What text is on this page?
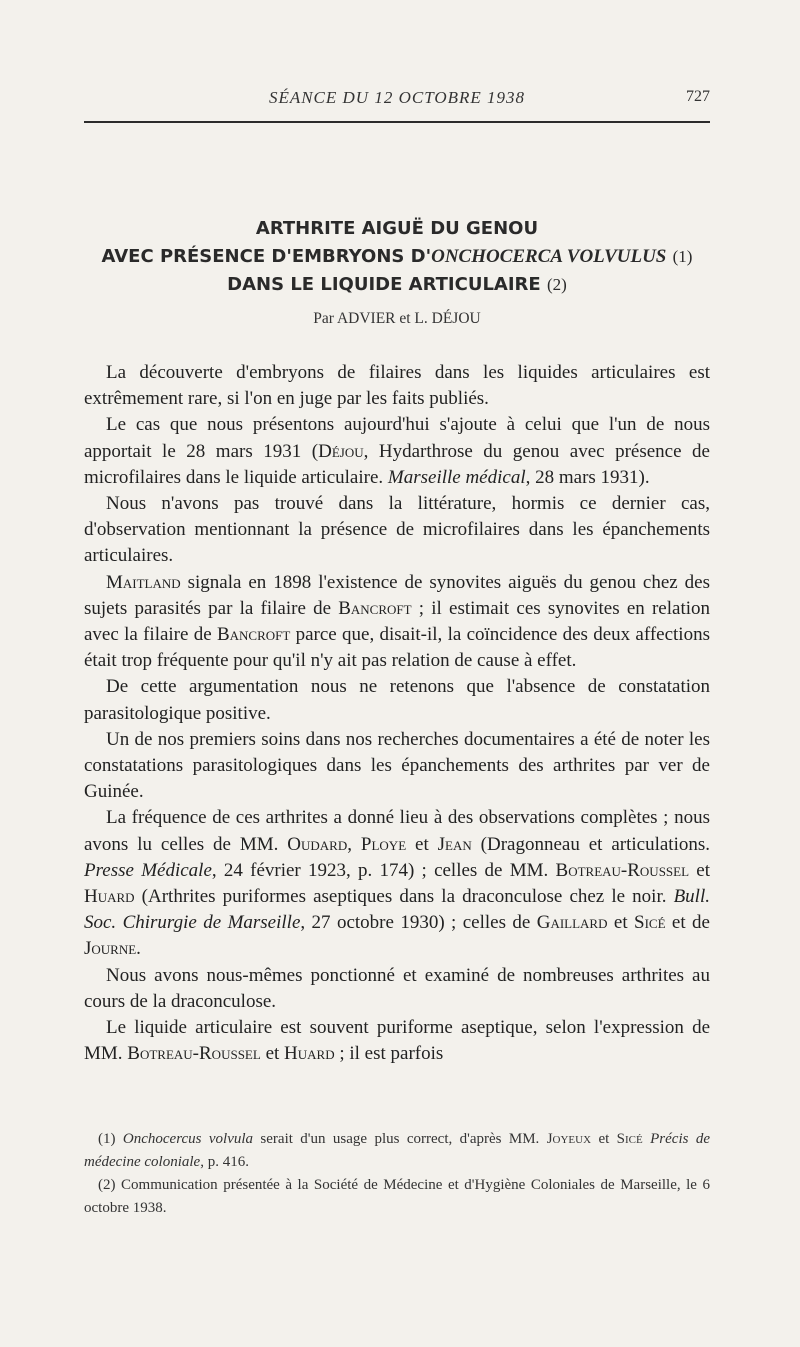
SÉANCE DU 12 OCTOBRE 1938	727
ARTHRITE AIGUË DU GENOU
AVEC PRÉSENCE D'EMBRYONS D'ONCHOCERCA VOLVULUS (1)
DANS LE LIQUIDE ARTICULAIRE (2)
Par ADVIER et L. DÉJOU

La découverte d'embryons de filaires dans les liquides articulaires est extrêmement rare, si l'on en juge par les faits publiés.

Le cas que nous présentons aujourd'hui s'ajoute à celui que l'un de nous apportait le 28 mars 1931 (Déjou, Hydarthrose du genou avec présence de microfilaires dans le liquide articulaire. Marseille médical, 28 mars 1931).

Nous n'avons pas trouvé dans la littérature, hormis ce dernier cas, d'observation mentionnant la présence de microfilaires dans les épanchements articulaires.

Maitland signala en 1898 l'existence de synovites aiguës du genou chez des sujets parasités par la filaire de Bancroft ; il estimait ces synovites en relation avec la filaire de Bancroft parce que, disait-il, la coïncidence des deux affections était trop fréquente pour qu'il n'y ait pas relation de cause à effet.

De cette argumentation nous ne retenons que l'absence de constatation parasitologique positive.

Un de nos premiers soins dans nos recherches documentaires a été de noter les constatations parasitologiques dans les épanchements des arthrites par ver de Guinée.

La fréquence de ces arthrites a donné lieu à des observations complètes ; nous avons lu celles de MM. Oudard, Ploye et Jean (Dragonneau et articulations. Presse Médicale, 24 février 1923, p. 174) ; celles de MM. Botreau-Roussel et Huard (Arthrites puriformes aseptiques dans la draconculose chez le noir. Bull. Soc. Chirurgie de Marseille, 27 octobre 1930) ; celles de Gaillard et Sicé et de Journe.

Nous avons nous-mêmes ponctionné et examiné de nombreuses arthrites au cours de la draconculose.

Le liquide articulaire est souvent puriforme aseptique, selon l'expression de MM. Botreau-Roussel et Huard ; il est parfois

(1) Onchocercus volvula serait d'un usage plus correct, d'après MM. Joyeux et Sicé Précis de médecine coloniale, p. 416.

(2) Communication présentée à la Société de Médecine et d'Hygiène Coloniales de Marseille, le 6 octobre 1938.
